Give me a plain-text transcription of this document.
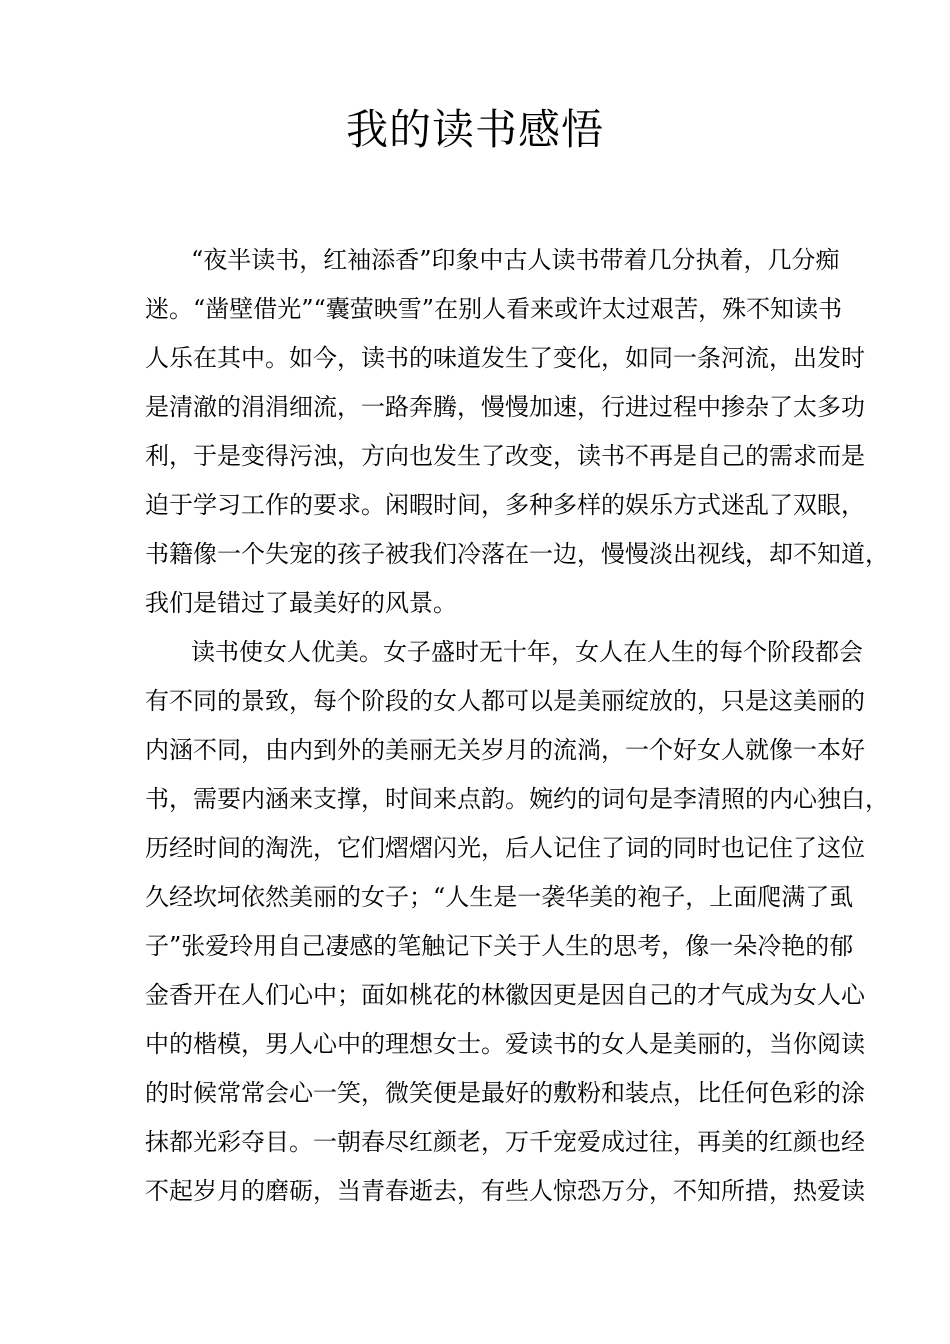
我的读书感悟
“夜半读书，红袖添香”印象中古人读书带着几分执着，几分痴
迷。“凿壁借光”“囊萤映雪”在别人看来或许太过艰苦，殊不知读书
人乐在其中。如今，读书的味道发生了变化，如同一条河流，出发时
是清澈的涓涓细流，一路奔腾，慢慢加速，行进过程中掺杂了太多功
利，于是变得污浊，方向也发生了改变，读书不再是自己的需求而是
迫于学习工作的要求。闲暇时间，多种多样的娱乐方式迷乱了双眼，
书籍像一个失宠的孩子被我们冷落在一边，慢慢淡出视线，却不知道，
我们是错过了最美好的风景。
读书使女人优美。女子盛时无十年，女人在人生的每个阶段都会
有不同的景致，每个阶段的女人都可以是美丽绽放的，只是这美丽的
内涵不同，由内到外的美丽无关岁月的流淌，一个好女人就像一本好
书，需要内涵来支撑，时间来点韵。婉约的词句是李清照的内心独白，
历经时间的淘洗，它们熠熠闪光，后人记住了词的同时也记住了这位
久经坎坷依然美丽的女子；“人生是一袭华美的袍子，上面爬满了虱
子”张爱玲用自己凄感的笔触记下关于人生的思考，像一朵冷艳的郁
金香开在人们心中；面如桃花的林徽因更是因自己的才气成为女人心
中的楷模，男人心中的理想女士。爱读书的女人是美丽的，当你阅读
的时候常常会心一笑，微笑便是最好的敷粉和装点，比任何色彩的涂
抹都光彩夺目。一朝春尽红颜老，万千宠爱成过往，再美的红颜也经
不起岁月的磨砺，当青春逝去，有些人惊恐万分，不知所措，热爱读
